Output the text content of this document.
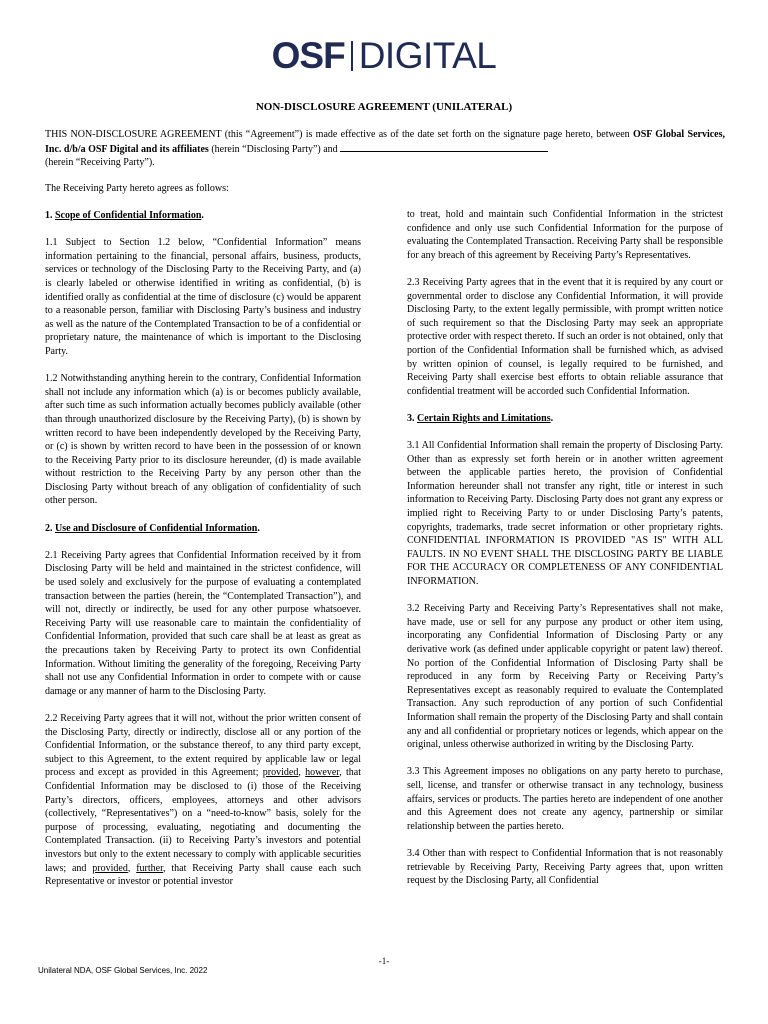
OSF DIGITAL
NON-DISCLOSURE AGREEMENT (UNILATERAL)
THIS NON-DISCLOSURE AGREEMENT (this “Agreement”) is made effective as of the date set forth on the signature page hereto, between OSF Global Services, Inc. d/b/a OSF Digital and its affiliates (herein “Disclosing Party”) and
(herein “Receiving Party”).
The Receiving Party hereto agrees as follows:

1. Scope of Confidential Information.

1.1 Subject to Section 1.2 below, “Confidential Information” means information pertaining to the financial, personal affairs, business, products, services or technology of the Disclosing Party to the Receiving Party, and (a) is clearly labeled or otherwise identified in writing as confidential, (b) is identified orally as confidential at the time of disclosure (c) would be apparent to a reasonable person, familiar with Disclosing Party’s business and industry as well as the nature of the Contemplated Transaction to be of a confidential or proprietary nature, the maintenance of which is important to the Disclosing Party.

1.2 Notwithstanding anything herein to the contrary, Confidential Information shall not include any information which (a) is or becomes publicly available, after such time as such information actually becomes publicly available (other than through unauthorized disclosure by the Receiving Party), (b) is shown by written record to have been independently developed by the Receiving Party, or (c) is shown by written record to have been in the possession of or known to the Receiving Party prior to its disclosure hereunder, (d) is made available without restriction to the Receiving Party by any person other than the Disclosing Party without breach of any obligation of confidentiality of such other person.

2. Use and Disclosure of Confidential Information.

2.1 Receiving Party agrees that Confidential Information received by it from Disclosing Party will be held and maintained in the strictest confidence, will be used solely and exclusively for the purpose of evaluating a contemplated transaction between the parties (herein, the “Contemplated Transaction”), and will not, directly or indirectly, be used for any other purpose whatsoever. Receiving Party will use reasonable care to maintain the confidentiality of Confidential Information, provided that such care shall be at least as great as the precautions taken by Receiving Party to protect its own Confidential Information. Without limiting the generality of the foregoing, Receiving Party shall not use any Confidential Information in order to compete with or cause damage or any manner of harm to the Disclosing Party.

2.2 Receiving Party agrees that it will not, without the prior written consent of the Disclosing Party, directly or indirectly, disclose all or any portion of the Confidential Information, or the substance thereof, to any third party except, subject to this Agreement, to the extent required by applicable law or legal process and except as provided in this Agreement; provided, however, that Confidential Information may be disclosed to (i) those of the Receiving Party’s directors, officers, employees, attorneys and other advisors (collectively, “Representatives”) on a “need-to-know” basis, solely for the purpose of processing, evaluating, negotiating and documenting the Contemplated Transaction. (ii) to Receiving Party’s investors and potential investors but only to the extent necessary to comply with applicable securities laws; and provided, further, that Receiving Party shall cause each such Representative or investor or potential investor

to treat, hold and maintain such Confidential Information in the strictest confidence and only use such Confidential Information for the purpose of evaluating the Contemplated Transaction. Receiving Party shall be responsible for any breach of this agreement by Receiving Party’s Representatives.

2.3 Receiving Party agrees that in the event that it is required by any court or governmental order to disclose any Confidential Information, it will provide Disclosing Party, to the extent legally permissible, with prompt written notice of such requirement so that the Disclosing Party may seek an appropriate protective order with respect thereto. If such an order is not obtained, only that portion of the Confidential Information shall be furnished which, as advised by written opinion of counsel, is legally required to be furnished, and Receiving Party shall exercise best efforts to obtain reliable assurance that confidential treatment will be accorded such Confidential Information.

3. Certain Rights and Limitations.

3.1 All Confidential Information shall remain the property of Disclosing Party. Other than as expressly set forth herein or in another written agreement between the applicable parties hereto, the provision of Confidential Information hereunder shall not transfer any right, title or interest in such information to Receiving Party. Disclosing Party does not grant any express or implied right to Receiving Party to or under Disclosing Party’s patents, copyrights, trademarks, trade secret information or other proprietary rights. CONFIDENTIAL INFORMATION IS PROVIDED "AS IS" WITH ALL FAULTS. IN NO EVENT SHALL THE DISCLOSING PARTY BE LIABLE FOR THE ACCURACY OR COMPLETENESS OF ANY CONFIDENTIAL INFORMATION.

3.2 Receiving Party and Receiving Party’s Representatives shall not make, have made, use or sell for any purpose any product or other item using, incorporating any Confidential Information of Disclosing Party or any derivative work (as defined under applicable copyright or patent law) thereof. No portion of the Confidential Information of Disclosing Party shall be reproduced in any form by Receiving Party or Receiving Party’s Representatives except as reasonably required to evaluate the Contemplated Transaction. Any such reproduction of any portion of such Confidential Information shall remain the property of the Disclosing Party and shall contain any and all confidential or proprietary notices or legends, which appear on the original, unless otherwise authorized in writing by the Disclosing Party.

3.3 This Agreement imposes no obligations on any party hereto to purchase, sell, license, and transfer or otherwise transact in any technology, business affairs, services or products. The parties hereto are independent of one another and this Agreement does not create any agency, partnership or similar relationship between the parties hereto.

3.4 Other than with respect to Confidential Information that is not reasonably retrievable by Receiving Party, Receiving Party agrees that, upon written request by the Disclosing Party, all Confidential

-1-
Unilateral NDA, OSF Global Services, Inc. 2022
